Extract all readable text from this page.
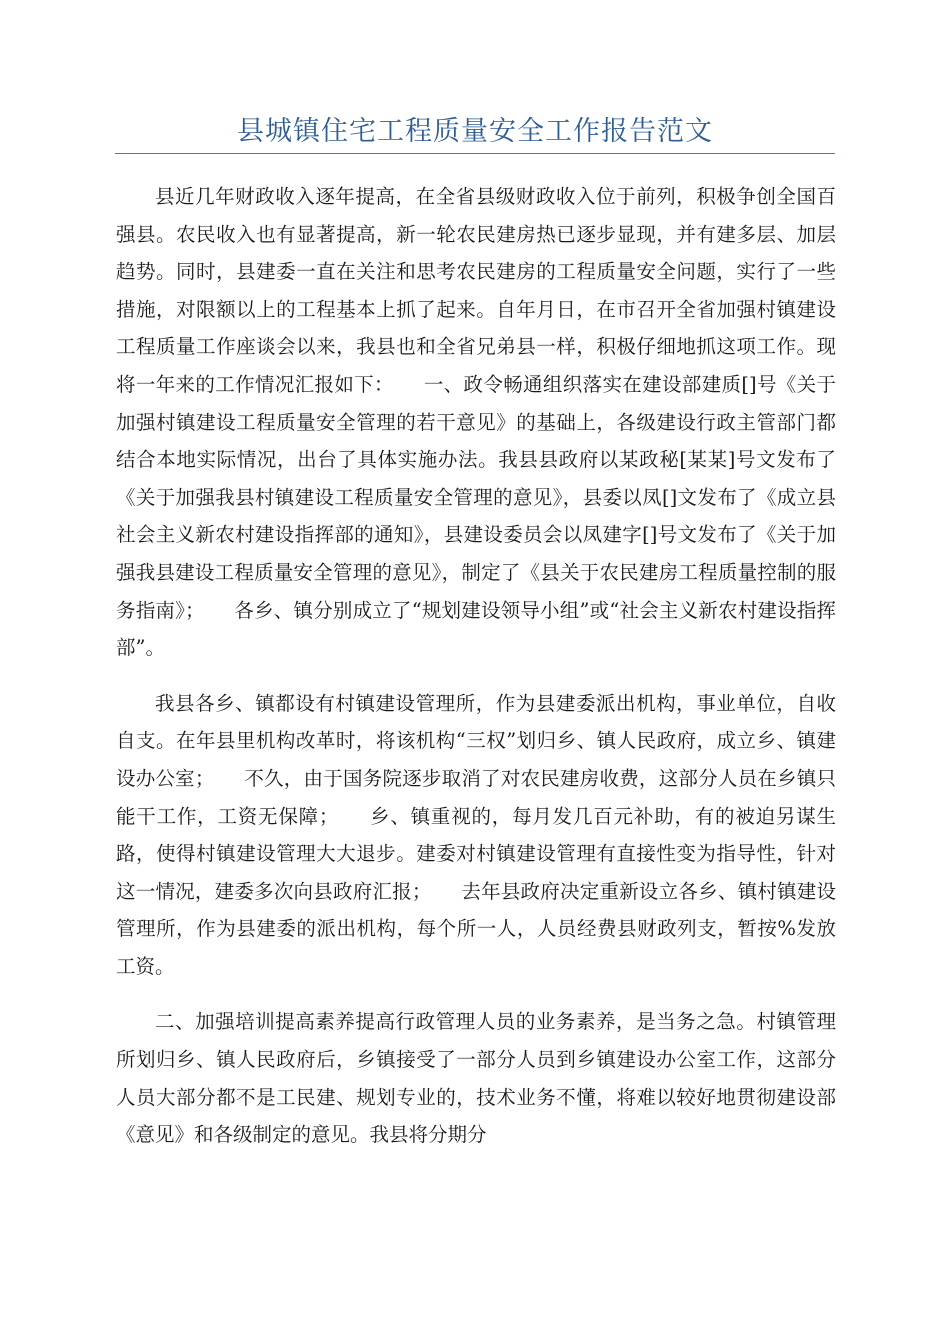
县城镇住宅工程质量安全工作报告范文

县近几年财政收入逐年提高，在全省县级财政收入位于前列，积极争创全国百强县。农民收入也有显著提高，新一轮农民建房热已逐步显现，并有建多层、加层趋势。同时，县建委一直在关注和思考农民建房的工程质量安全问题，实行了一些措施，对限额以上的工程基本上抓了起来。自年月日，在市召开全省加强村镇建设工程质量工作座谈会以来，我县也和全省兄弟县一样，积极仔细地抓这项工作。现将一年来的工作情况汇报如下：　　一、政令畅通组织落实在建设部建质[]号《关于加强村镇建设工程质量安全管理的若干意见》的基础上，各级建设行政主管部门都结合本地实际情况，出台了具体实施办法。我县县政府以某政秘[某某]号文发布了《关于加强我县村镇建设工程质量安全管理的意见》，县委以凤[]文发布了《成立县社会主义新农村建设指挥部的通知》，县建设委员会以凤建字[]号文发布了《关于加强我县建设工程质量安全管理的意见》，制定了《县关于农民建房工程质量控制的服务指南》；　　各乡、镇分别成立了“规划建设领导小组”或“社会主义新农村建设指挥部”。

我县各乡、镇都设有村镇建设管理所，作为县建委派出机构，事业单位，自收自支。在年县里机构改革时，将该机构“三权”划归乡、镇人民政府，成立乡、镇建设办公室；　　不久，由于国务院逐步取消了对农民建房收费，这部分人员在乡镇只能干工作，工资无保障；　　乡、镇重视的，每月发几百元补助，有的被迫另谋生路，使得村镇建设管理大大退步。建委对村镇建设管理有直接性变为指导性，针对这一情况，建委多次向县政府汇报；　　去年县政府决定重新设立各乡、镇村镇建设管理所，作为县建委的派出机构，每个所一人，人员经费县财政列支，暂按%发放工资。

二、加强培训提高素养提高行政管理人员的业务素养，是当务之急。村镇管理所划归乡、镇人民政府后，乡镇接受了一部分人员到乡镇建设办公室工作，这部分人员大部分都不是工民建、规划专业的，技术业务不懂，将难以较好地贯彻建设部《意见》和各级制定的意见。我县将分期分
